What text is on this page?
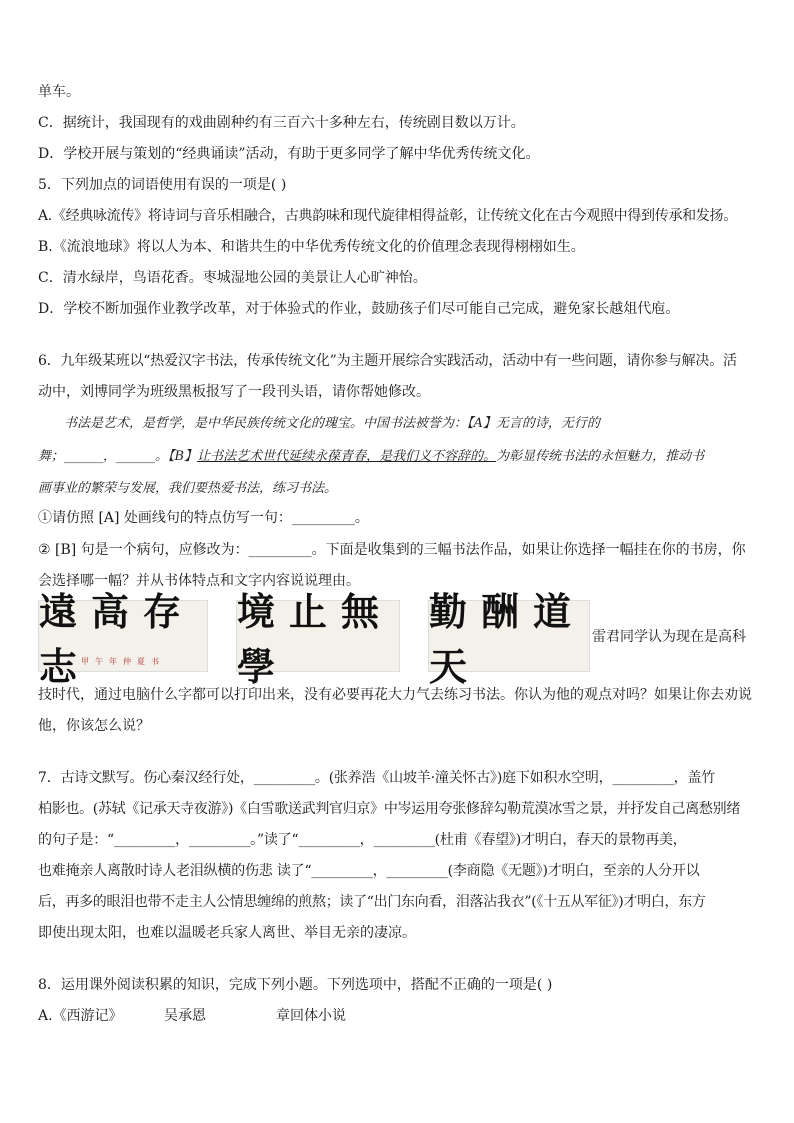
单车。
C．据统计，我国现有的戏曲剧种约有三百六十多种左右，传统剧目数以万计。
D．学校开展与策划的“经典诵读”活动，有助于更多同学了解中华优秀传统文化。
5．下列加点的词语使用有误的一项是( )
A.《经典咏流传》将诗词与音乐相融合，古典韵味和现代旋律相得益彰，让传统文化在古今观照中得到传承和发扬。
B.《流浪地球》将以人为本、和谐共生的中华优秀传统文化的价值理念表现得栩栩如生。
C．清水绿岸，鸟语花香。枣城湿地公园的美景让人心旷神怡。
D．学校不断加强作业教学改革，对于体验式的作业，鼓励孩子们尽可能自己完成，避免家长越俎代庖。
6．九年级某班以“热爱汉字书法，传承传统文化”为主题开展综合实践活动，活动中有一些问题，请你参与解决。活
动中，刘博同学为班级黑板报写了一段刊头语，请你帮她修改。
书法是艺术，是哲学，是中华民族传统文化的瑰宝。中国书法被誉为：【A】无言的诗，无行的
舞；______，______。【B】让书法艺术世代延续永葆青春，是我们义不容辞的。为彰显传统书法的永恒魅力，推动书
画事业的繁荣与发展，我们要热爱书法，练习书法。
①请仿照 [A] 处画线句的特点仿写一句：_________。
② [B] 句是一个病句，应修改为：_________。下面是收集到的三幅书法作品，如果让你选择一幅挂在你的书房，你
会选择哪一幅？并从书体特点和文字内容说说理由。
遠高存志
甲午年仲夏书
境止無學
勤酬道天
雷君同学认为现在是高科
技时代，通过电脑什么字都可以打印出来，没有必要再花大力气去练习书法。你认为他的观点对吗？如果让你去劝说
他，你该怎么说？
7．古诗文默写。伤心秦汉经行处，_________。(张养浩《山坡羊·潼关怀古》)庭下如积水空明，_________，盖竹
柏影也。(苏轼《记承天寺夜游》)《白雪歌送武判官归京》中岑运用夸张修辞勾勒荒漠冰雪之景，并抒发自己离愁别绪
的句子是：“_________，_________。”读了“_________，_________(杜甫《春望》)才明白，春天的景物再美，
也难掩亲人离散时诗人老泪纵横的伤悲 读了“_________，_________(李商隐《无题》)才明白，至亲的人分开以
后，再多的眼泪也带不走主人公情思缠绵的煎熬；读了“出门东向看，泪落沾我衣”(《十五从军征》)才明白，东方
即使出现太阳，也难以温暖老兵家人离世、举目无亲的凄凉。
8．运用课外阅读积累的知识，完成下列小题。下列选项中，搭配不正确的一项是( )
A.《西游记》	吴承恩	章回体小说
